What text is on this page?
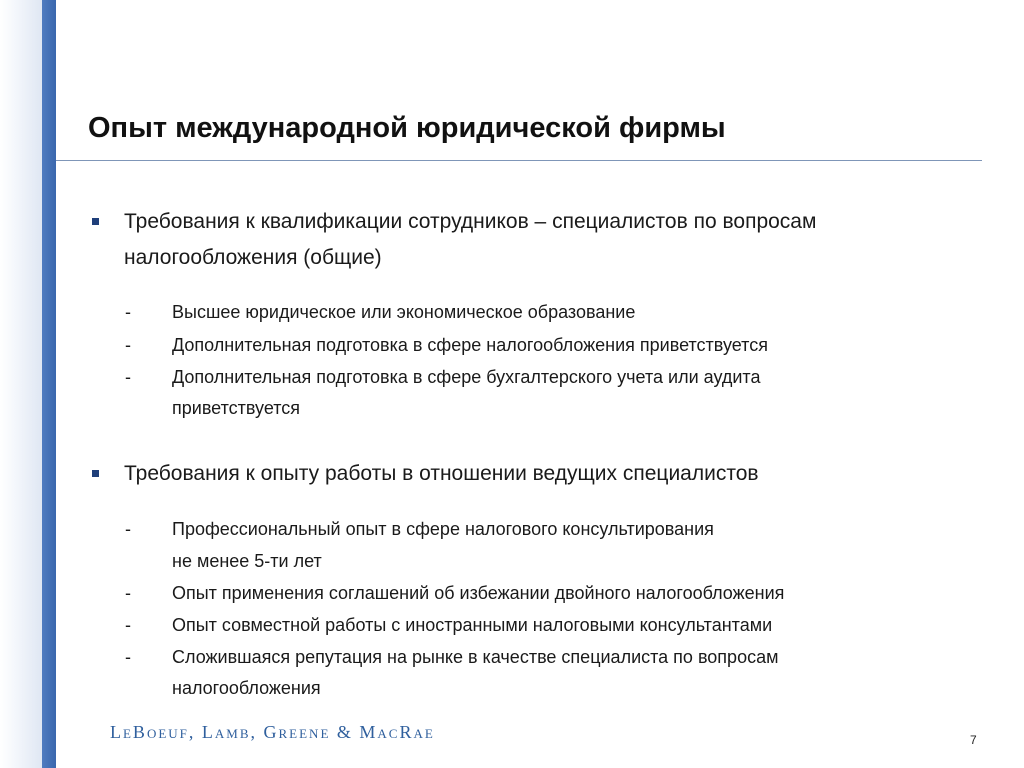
Опыт международной юридической фирмы
Требования к квалификации сотрудников – специалистов по вопросам
налогообложения (общие)
- Высшее юридическое или экономическое образование
- Дополнительная подготовка в сфере налогообложения приветствуется
- Дополнительная подготовка в сфере бухгалтерского учета или аудита
приветствуется
Требования к опыту работы в отношении ведущих специалистов
- Профессиональный опыт в сфере налогового консультирования
не менее 5-ти лет
- Опыт применения соглашений об избежании двойного налогообложения
- Опыт совместной работы с иностранными налоговыми консультантами
- Сложившаяся репутация на рынке в качестве специалиста по вопросам
налогообложения
LeBoeuf, Lamb, Greene & MacRae	7
